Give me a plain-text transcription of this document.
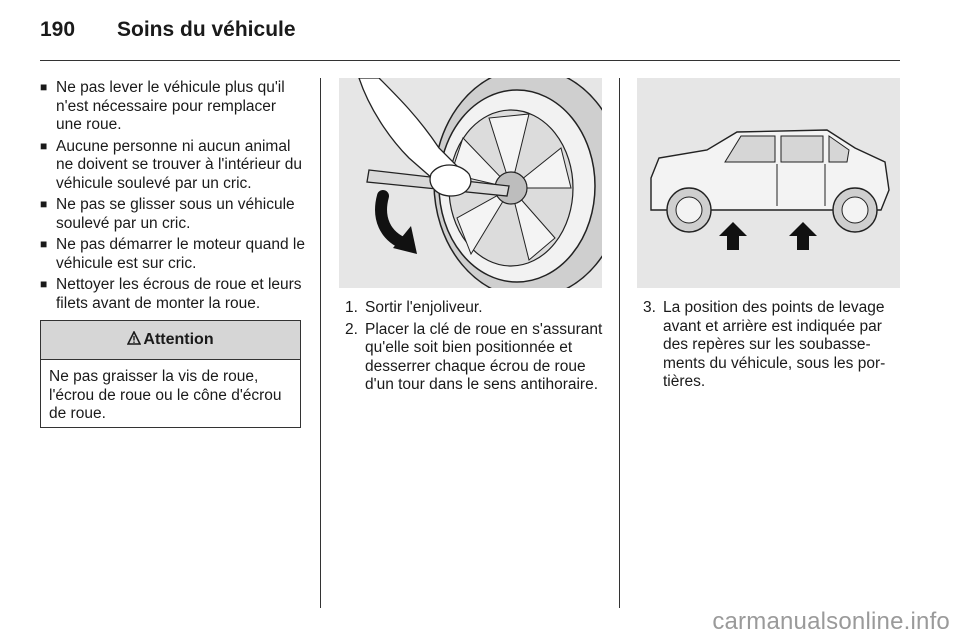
190 Soins du véhicule
■ Ne pas lever le véhicule plus qu'il n'est nécessaire pour remplacer une roue.
■ Aucune personne ni aucun animal ne doivent se trouver à l'intérieur du véhicule soulevé par un cric.
■ Ne pas se glisser sous un véhicule soulevé par un cric.
■ Ne pas démarrer le moteur quand le véhicule est sur cric.
■ Nettoyer les écrous de roue et leurs filets avant de monter la roue.
Attention
Ne pas graisser la vis de roue, l'écrou de roue ou le cône d'écrou de roue.
1. Sortir l'enjoliveur.
2. Placer la clé de roue en s'assurant qu'elle soit bien positionnée et desserrer chaque écrou de roue d'un tour dans le sens antihoraire.
3. La position des points de levage avant et arrière est indiquée par des repères sur les soubasse-ments du véhicule, sous les por-tières.
carmanualsonline.info
